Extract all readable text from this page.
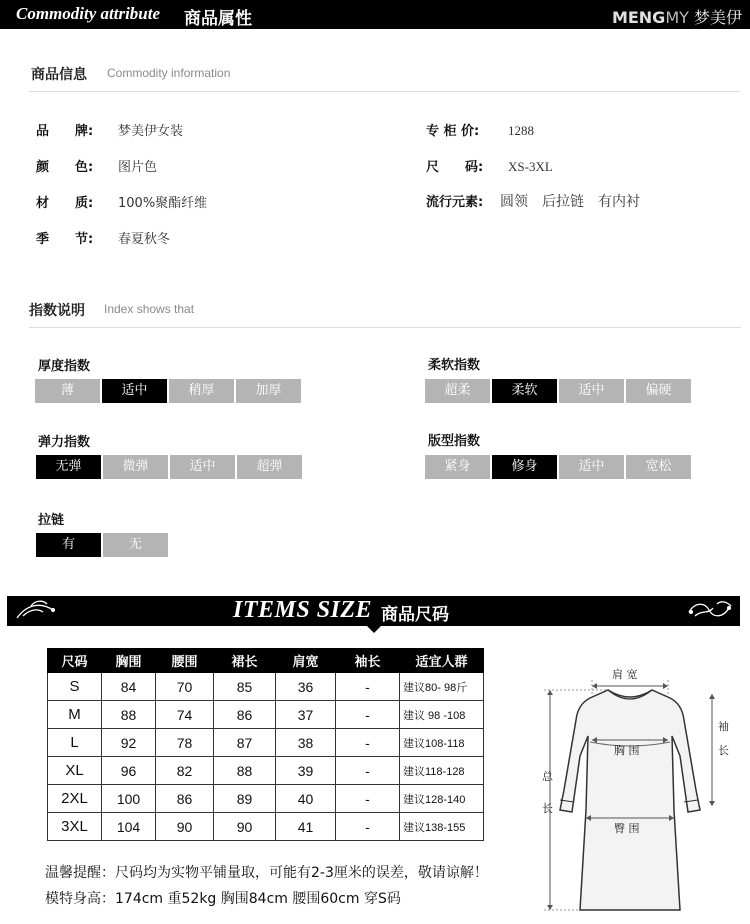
Commodity attribute 商品属性	MENGMY 梦美伊
商品信息 Commodity information
品　　牌: 梦美伊女装
颜　　色: 图片色
材　　质: 100%聚酯纤维
季　　节: 春夏秋冬
专 柜 价: 1288
尺　　码: XS-3XL
流行元素: 圆领　后拉链　有内衬
指数说明 Index shows that
厚度指数
薄	适中	稍厚	加厚
柔软指数
超柔	柔软	适中	偏硬
弹力指数
无弹	微弹	适中	超弹
版型指数
紧身	修身	适中	宽松
拉链
有	无
ITEMS SIZE 商品尺码
尺码	胸围	腰围	裙长	肩宽	袖长	适宜人群
S	84	70	85	36	-	建议80- 98斤
M	88	74	86	37	-	建议 98 -108
L	92	78	87	38	-	建议108-118
XL	96	82	88	39	-	建议118-128
2XL	100	86	89	40	-	建议128-140
3XL	104	90	90	41	-	建议138-155
温馨提醒：尺码均为实物平铺量取，可能有2-3厘米的误差，敬请谅解！
模特身高：174cm 重52kg 胸围84cm 腰围60cm 穿S码
肩 宽
袖
长
胸 围
总
长
臀 围
